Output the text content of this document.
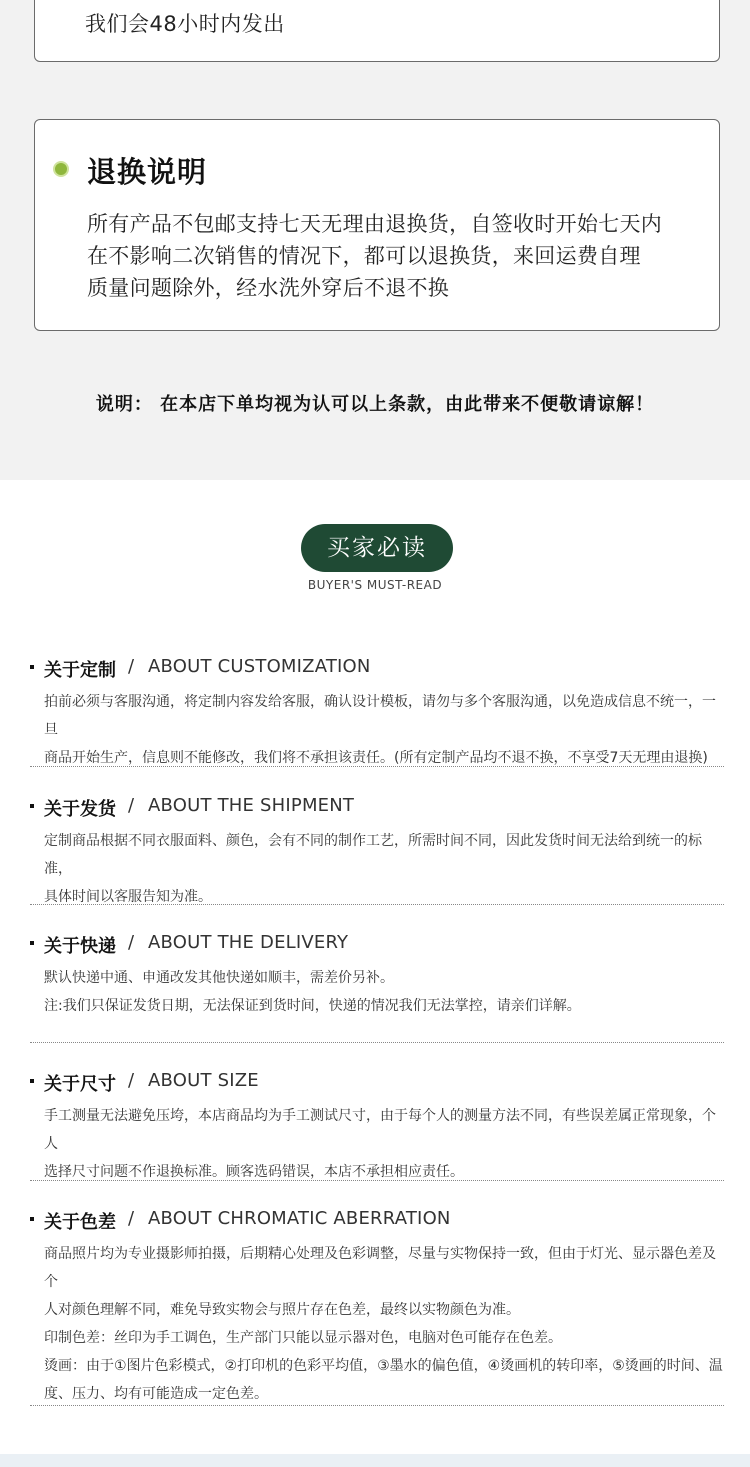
我们会48小时内发出
退换说明
所有产品不包邮支持七天无理由退换货，自签收时开始七天内
在不影响二次销售的情况下，都可以退换货，来回运费自理
质量问题除外，经水洗外穿后不退不换
说明： 在本店下单均视为认可以上条款，由此带来不便敬请谅解！
买家必读
BUYER'S MUST-READ
关于定制 / ABOUT CUSTOMIZATION
拍前必须与客服沟通，将定制内容发给客服，确认设计模板，请勿与多个客服沟通，以免造成信息不统一，一旦
商品开始生产，信息则不能修改，我们将不承担该责任。(所有定制产品均不退不换，不享受7天无理由退换)
关于发货 / ABOUT THE SHIPMENT
定制商品根据不同衣服面料、颜色，会有不同的制作工艺，所需时间不同，因此发货时间无法给到统一的标准，
具体时间以客服告知为准。
关于快递 / ABOUT THE DELIVERY
默认快递中通、申通改发其他快递如顺丰，需差价另补。
注:我们只保证发货日期，无法保证到货时间，快递的情况我们无法掌控，请亲们详解。
关于尺寸 / ABOUT SIZE
手工测量无法避免压垮，本店商品均为手工测试尺寸，由于每个人的测量方法不同，有些误差属正常现象，个人
选择尺寸问题不作退换标准。顾客选码错误，本店不承担相应责任。
关于色差 / ABOUT CHROMATIC ABERRATION
商品照片均为专业摄影师拍摄，后期精心处理及色彩调整，尽量与实物保持一致，但由于灯光、显示器色差及个
人对颜色理解不同，难免导致实物会与照片存在色差，最终以实物颜色为准。
印制色差：丝印为手工调色，生产部门只能以显示器对色，电脑对色可能存在色差。
烫画：由于①图片色彩模式，②打印机的色彩平均值，③墨水的偏色值，④烫画机的转印率，⑤烫画的时间、温
度、压力、均有可能造成一定色差。
